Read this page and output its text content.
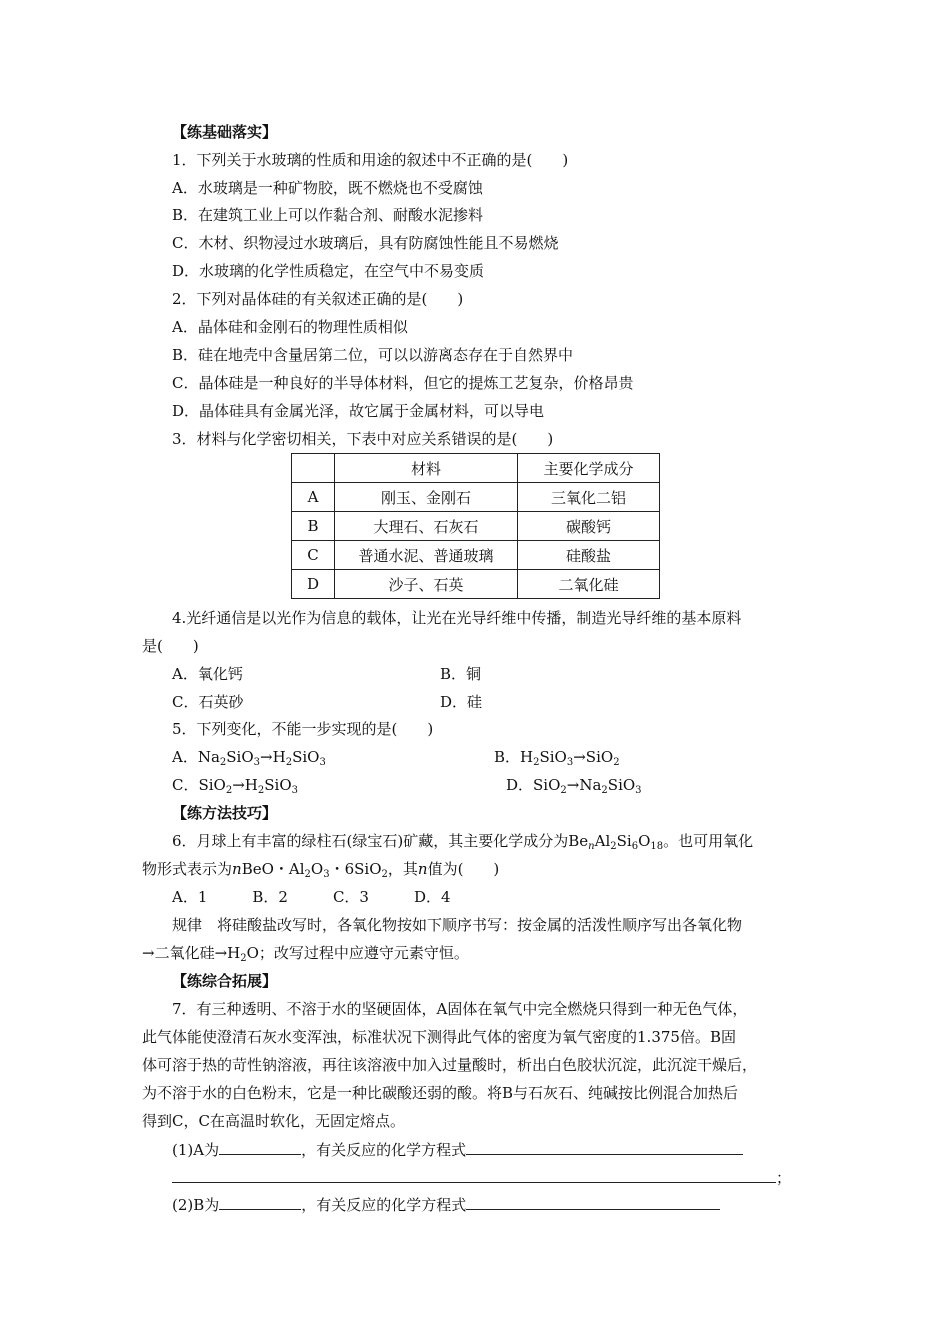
【练基础落实】
1．下列关于水玻璃的性质和用途的叙述中不正确的是(　　)
A．水玻璃是一种矿物胶，既不燃烧也不受腐蚀
B．在建筑工业上可以作黏合剂、耐酸水泥掺料
C．木材、织物浸过水玻璃后，具有防腐蚀性能且不易燃烧
D．水玻璃的化学性质稳定，在空气中不易变质
2．下列对晶体硅的有关叙述正确的是(　　)
A．晶体硅和金刚石的物理性质相似
B．硅在地壳中含量居第二位，可以以游离态存在于自然界中
C．晶体硅是一种良好的半导体材料，但它的提炼工艺复杂，价格昂贵
D．晶体硅具有金属光泽，故它属于金属材料，可以导电
3．材料与化学密切相关，下表中对应关系错误的是(　　)
	材料	主要化学成分
A	刚玉、金刚石	三氧化二铝
B	大理石、石灰石	碳酸钙
C	普通水泥、普通玻璃	硅酸盐
D	沙子、石英	二氧化硅
4.光纤通信是以光作为信息的载体，让光在光导纤维中传播，制造光导纤维的基本原料
是(　　)
A．氧化钙	B．铜
C．石英砂	D．硅
5．下列变化，不能一步实现的是(　　)
A．$Na_2SiO_3\to H_2SiO_3$	B．$H_2SiO_3\to SiO_2$
C．$SiO_2\to H_2SiO_3$	D．$SiO_2\to Na_2SiO_3$
【练方法技巧】
6．月球上有丰富的绿柱石(绿宝石)矿藏，其主要化学成分为$Be_nAl_2Si_6O_{18}$。也可用氧化
物形式表示为nBeO・$Al_2O_3$・6SiO$_2$，其n值为(　　)
A．1　　　B．2　　　C．3　　　D．4
规律　将硅酸盐改写时，各氧化物按如下顺序书写：按金属的活泼性顺序写出各氧化物
→二氧化硅$\to H_2O$；改写过程中应遵守元素守恒。
【练综合拓展】
7．有三种透明、不溶于水的坚硬固体，A固体在氧气中完全燃烧只得到一种无色气体，
此气体能使澄清石灰水变浑浊，标准状况下测得此气体的密度为氧气密度的1.375倍。B固
体可溶于热的苛性钠溶液，再往该溶液中加入过量酸时，析出白色胶状沉淀，此沉淀干燥后，
为不溶于水的白色粉末，它是一种比碳酸还弱的酸。将B与石灰石、纯碱按比例混合加热后
得到C，C在高温时软化，无固定熔点。
(1)A为	，有关反应的化学方程式
；
(2)B为	，有关反应的化学方程式
